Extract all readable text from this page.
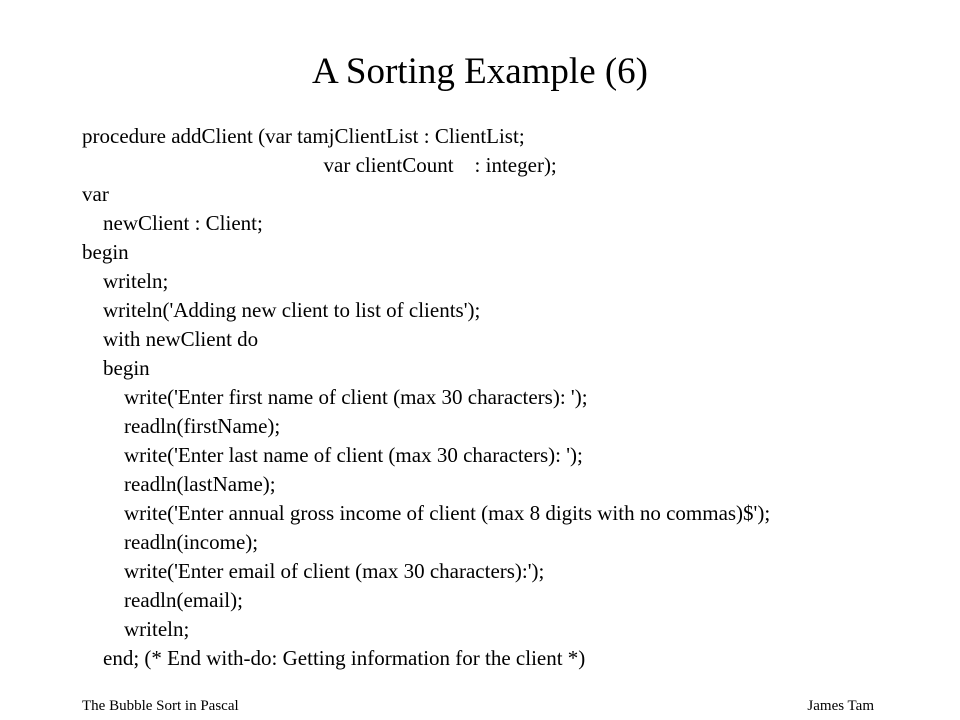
A Sorting Example (6)
procedure addClient (var tamjClientList : ClientList;
var clientCount    : integer);
var
newClient : Client;
begin
writeln;
writeln('Adding new client to list of clients');
with newClient do
begin
write('Enter first name of client (max 30 characters): ');
readln(firstName);
write('Enter last name of client (max 30 characters): ');
readln(lastName);
write('Enter annual gross income of client (max 8 digits with no commas)$');
readln(income);
write('Enter email of client (max 30 characters):');
readln(email);
writeln;
end; (* End with-do: Getting information for the client *)
The Bubble Sort in Pascal	James Tam
